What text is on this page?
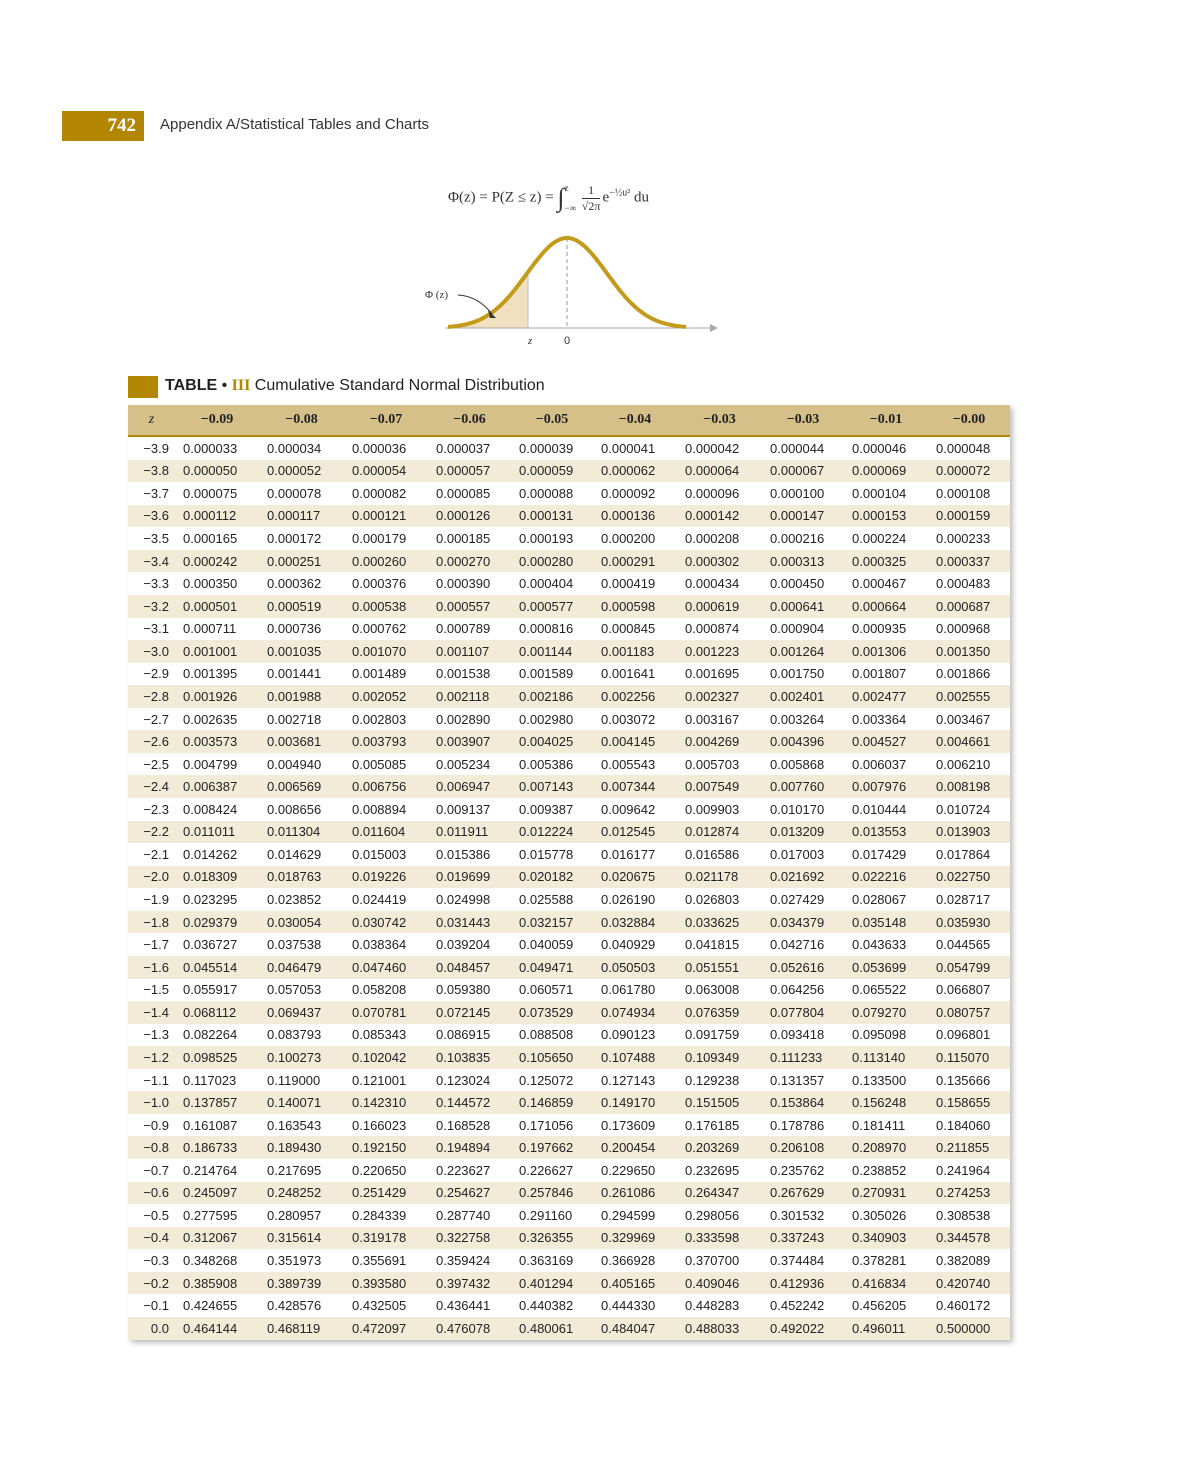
742	Appendix A/Statistical Tables and Charts
Φ(z) = P(Z ≤ z) = ∫z
−∞ $\frac{1}{√2\pi} e^{-\frac{1}{2}u^2}$ du
Φ (z)
z	0
TABLE • III Cumulative Standard Normal Distribution
z	−0.09	−0.08	−0.07	−0.06	−0.05	−0.04	−0.03	−0.03	−0.01	−0.00
−3.9	0.000033	0.000034	0.000036	0.000037	0.000039	0.000041	0.000042	0.000044	0.000046	0.000048
−3.8	0.000050	0.000052	0.000054	0.000057	0.000059	0.000062	0.000064	0.000067	0.000069	0.000072
−3.7	0.000075	0.000078	0.000082	0.000085	0.000088	0.000092	0.000096	0.000100	0.000104	0.000108
−3.6	0.000112	0.000117	0.000121	0.000126	0.000131	0.000136	0.000142	0.000147	0.000153	0.000159
−3.5	0.000165	0.000172	0.000179	0.000185	0.000193	0.000200	0.000208	0.000216	0.000224	0.000233
−3.4	0.000242	0.000251	0.000260	0.000270	0.000280	0.000291	0.000302	0.000313	0.000325	0.000337
−3.3	0.000350	0.000362	0.000376	0.000390	0.000404	0.000419	0.000434	0.000450	0.000467	0.000483
−3.2	0.000501	0.000519	0.000538	0.000557	0.000577	0.000598	0.000619	0.000641	0.000664	0.000687
−3.1	0.000711	0.000736	0.000762	0.000789	0.000816	0.000845	0.000874	0.000904	0.000935	0.000968
−3.0	0.001001	0.001035	0.001070	0.001107	0.001144	0.001183	0.001223	0.001264	0.001306	0.001350
−2.9	0.001395	0.001441	0.001489	0.001538	0.001589	0.001641	0.001695	0.001750	0.001807	0.001866
−2.8	0.001926	0.001988	0.002052	0.002118	0.002186	0.002256	0.002327	0.002401	0.002477	0.002555
−2.7	0.002635	0.002718	0.002803	0.002890	0.002980	0.003072	0.003167	0.003264	0.003364	0.003467
−2.6	0.003573	0.003681	0.003793	0.003907	0.004025	0.004145	0.004269	0.004396	0.004527	0.004661
−2.5	0.004799	0.004940	0.005085	0.005234	0.005386	0.005543	0.005703	0.005868	0.006037	0.006210
−2.4	0.006387	0.006569	0.006756	0.006947	0.007143	0.007344	0.007549	0.007760	0.007976	0.008198
−2.3	0.008424	0.008656	0.008894	0.009137	0.009387	0.009642	0.009903	0.010170	0.010444	0.010724
−2.2	0.011011	0.011304	0.011604	0.011911	0.012224	0.012545	0.012874	0.013209	0.013553	0.013903
−2.1	0.014262	0.014629	0.015003	0.015386	0.015778	0.016177	0.016586	0.017003	0.017429	0.017864
−2.0	0.018309	0.018763	0.019226	0.019699	0.020182	0.020675	0.021178	0.021692	0.022216	0.022750
−1.9	0.023295	0.023852	0.024419	0.024998	0.025588	0.026190	0.026803	0.027429	0.028067	0.028717
−1.8	0.029379	0.030054	0.030742	0.031443	0.032157	0.032884	0.033625	0.034379	0.035148	0.035930
−1.7	0.036727	0.037538	0.038364	0.039204	0.040059	0.040929	0.041815	0.042716	0.043633	0.044565
−1.6	0.045514	0.046479	0.047460	0.048457	0.049471	0.050503	0.051551	0.052616	0.053699	0.054799
−1.5	0.055917	0.057053	0.058208	0.059380	0.060571	0.061780	0.063008	0.064256	0.065522	0.066807
−1.4	0.068112	0.069437	0.070781	0.072145	0.073529	0.074934	0.076359	0.077804	0.079270	0.080757
−1.3	0.082264	0.083793	0.085343	0.086915	0.088508	0.090123	0.091759	0.093418	0.095098	0.096801
−1.2	0.098525	0.100273	0.102042	0.103835	0.105650	0.107488	0.109349	0.111233	0.113140	0.115070
−1.1	0.117023	0.119000	0.121001	0.123024	0.125072	0.127143	0.129238	0.131357	0.133500	0.135666
−1.0	0.137857	0.140071	0.142310	0.144572	0.146859	0.149170	0.151505	0.153864	0.156248	0.158655
−0.9	0.161087	0.163543	0.166023	0.168528	0.171056	0.173609	0.176185	0.178786	0.181411	0.184060
−0.8	0.186733	0.189430	0.192150	0.194894	0.197662	0.200454	0.203269	0.206108	0.208970	0.211855
−0.7	0.214764	0.217695	0.220650	0.223627	0.226627	0.229650	0.232695	0.235762	0.238852	0.241964
−0.6	0.245097	0.248252	0.251429	0.254627	0.257846	0.261086	0.264347	0.267629	0.270931	0.274253
−0.5	0.277595	0.280957	0.284339	0.287740	0.291160	0.294599	0.298056	0.301532	0.305026	0.308538
−0.4	0.312067	0.315614	0.319178	0.322758	0.326355	0.329969	0.333598	0.337243	0.340903	0.344578
−0.3	0.348268	0.351973	0.355691	0.359424	0.363169	0.366928	0.370700	0.374484	0.378281	0.382089
−0.2	0.385908	0.389739	0.393580	0.397432	0.401294	0.405165	0.409046	0.412936	0.416834	0.420740
−0.1	0.424655	0.428576	0.432505	0.436441	0.440382	0.444330	0.448283	0.452242	0.456205	0.460172
0.0	0.464144	0.468119	0.472097	0.476078	0.480061	0.484047	0.488033	0.492022	0.496011	0.500000
